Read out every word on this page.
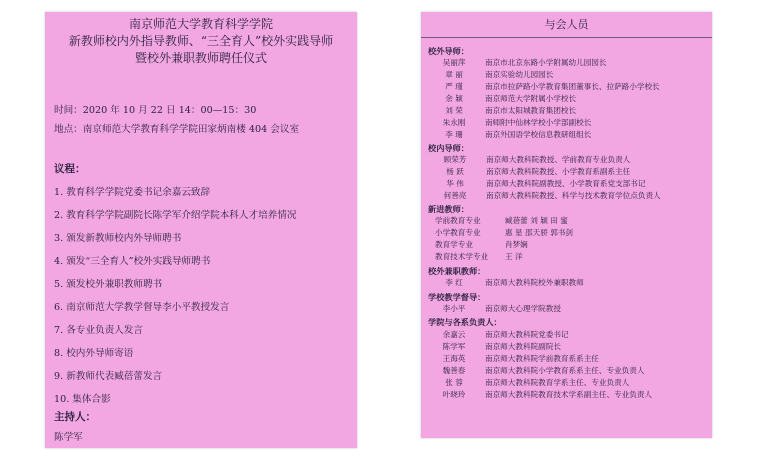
南京师范大学教育科学学院
新教师校内外指导教师、“三全育人”校外实践导师
暨校外兼职教师聘任仪式
时间：2020 年 10 月 22 日 14：00—15：30
地点：南京师范大学教育科学学院田家炳南楼 404 会议室
议程：
1. 教育科学学院党委书记余嘉云致辞
2. 教育科学学院副院长陈学军介绍学院本科人才培养情况
3. 颁发新教师校内外导师聘书
4. 颁发“三全育人”校外实践导师聘书
5. 颁发校外兼职教师聘书
6. 南京师范大学教学督导李小平教授发言
7. 各专业负责人发言
8. 校内外导师寄语
9. 新教师代表臧蓓蕾发言
10. 集体合影
主持人：
陈学军
与会人员
校外导师：
吴丽萍	南京市北京东路小学附属幼儿园园长
章 丽	南京实验幼儿园园长
严 瑾	南京市拉萨路小学教育集团董事长、拉萨路小学校长
余 颖	南京师范大学附属小学校长
刘 荣	南京市太阳城教育集团校长
朱永刚	南师附中仙林学校小学部副校长
李 珊	南京外国语学校信息教研组组长
校内导师：
顾荣芳	南京师大教科院教授、学前教育专业负责人
杨 跃	南京师大教科院教授、小学教育系副系主任
华 伟	南京师大教科院副教授、小学教育系党支部书记
何善亮	南京师大教科院教授、科学与技术教育学位点负责人
新进教师：
学前教育专业	臧蓓蕾 刘 颖 田 蜜
小学教育专业	惠 星 邵天骄 郭书剑
教育学专业	肖梦娴
教育技术学专业 王 洋
校外兼职教师：
李 红	南京师大教科院校外兼职教师
学校教学督导：
李小平	南京师大心理学院教授
学院与各系负责人：
余嘉云	南京师大教科院党委书记
陈学军	南京师大教科院副院长
王海英	南京师大教科院学前教育系系主任
魏善春	南京师大教科院小学教育系系主任、专业负责人
张 蓉	南京师大教科院教育学系主任、专业负责人
叶晓玲	南京师大教科院教育技术学系副主任、专业负责人
